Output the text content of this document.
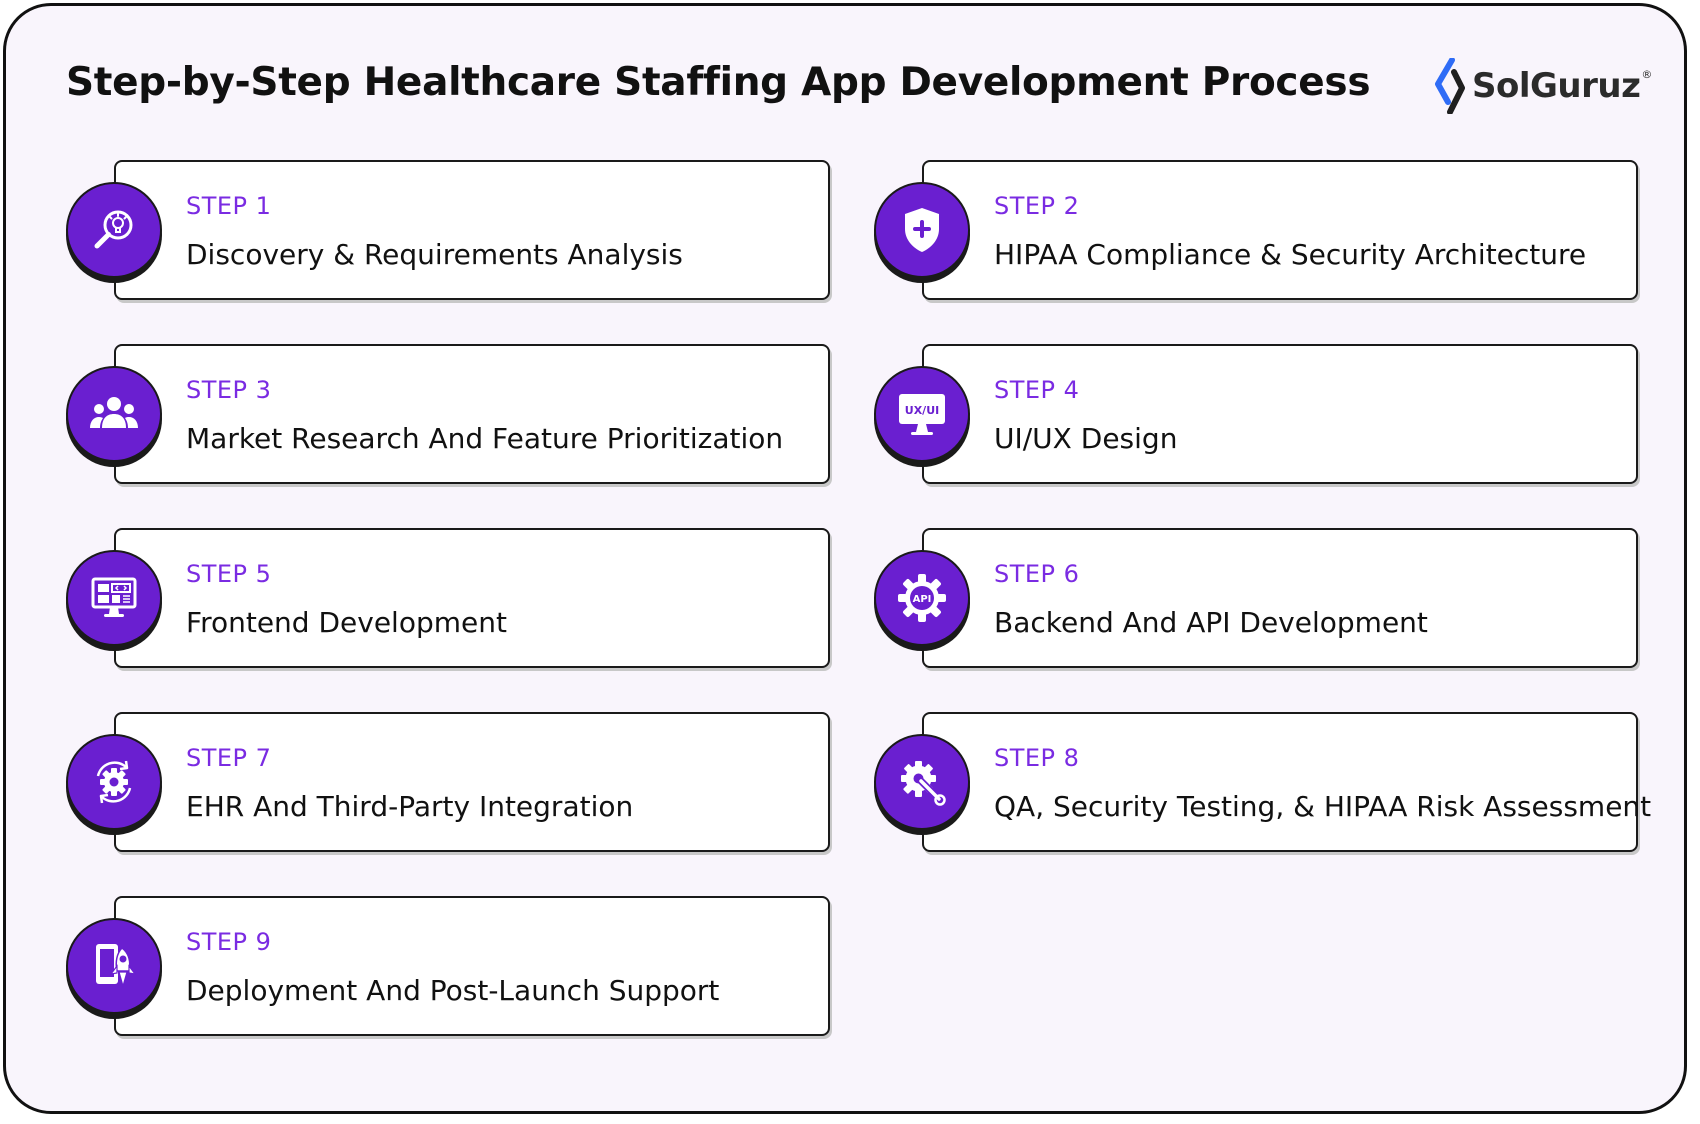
Step-by-Step Healthcare Staffing App Development Process	SolGuruz ®
STEP 1
Discovery & Requirements Analysis
STEP 2
HIPAA Compliance & Security Architecture
STEP 3
Market Research And Feature Prioritization
UX/UI
STEP 4
UI/UX Design
STEP 5
Frontend Development
API
STEP 6
Backend And API Development
STEP 7
EHR And Third-Party Integration
STEP 8
QA, Security Testing, & HIPAA Risk Assessment
STEP 9
Deployment And Post-Launch Support
